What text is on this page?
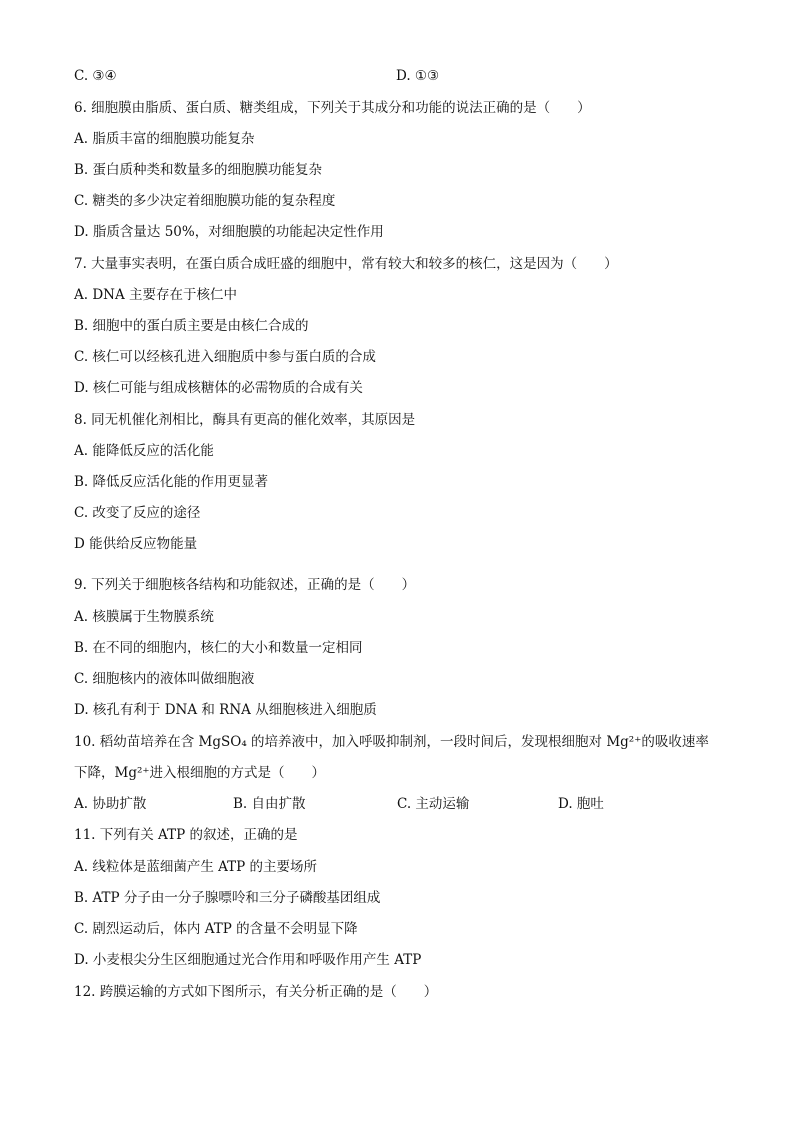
C. ③④	D. ①③
6. 细胞膜由脂质、蛋白质、糖类组成，下列关于其成分和功能的说法正确的是（　　）
A. 脂质丰富的细胞膜功能复杂
B. 蛋白质种类和数量多的细胞膜功能复杂
C. 糖类的多少决定着细胞膜功能的复杂程度
D. 脂质含量达 50%，对细胞膜的功能起决定性作用
7. 大量事实表明，在蛋白质合成旺盛的细胞中，常有较大和较多的核仁，这是因为（　　）
A. DNA 主要存在于核仁中
B. 细胞中的蛋白质主要是由核仁合成的
C. 核仁可以经核孔进入细胞质中参与蛋白质的合成
D. 核仁可能与组成核糖体的必需物质的合成有关
8. 同无机催化剂相比，酶具有更高的催化效率，其原因是
A. 能降低反应的活化能
B. 降低反应活化能的作用更显著
C. 改变了反应的途径
D 能供给反应物能量
9. 下列关于细胞核各结构和功能叙述，正确的是（　　）
A. 核膜属于生物膜系统
B. 在不同的细胞内，核仁的大小和数量一定相同
C. 细胞核内的液体叫做细胞液
D. 核孔有利于 DNA 和 RNA 从细胞核进入细胞质
10. 稻幼苗培养在含 MgSO₄ 的培养液中，加入呼吸抑制剂，一段时间后，发现根细胞对 Mg²⁺的吸收速率
下降，Mg²⁺进入根细胞的方式是（　　）
A. 协助扩散	B. 自由扩散	C. 主动运输	D. 胞吐
11. 下列有关 ATP 的叙述，正确的是
A. 线粒体是蓝细菌产生 ATP 的主要场所
B. ATP 分子由一分子腺嘌呤和三分子磷酸基团组成
C. 剧烈运动后，体内 ATP 的含量不会明显下降
D. 小麦根尖分生区细胞通过光合作用和呼吸作用产生 ATP
12. 跨膜运输的方式如下图所示，有关分析正确的是（　　）
